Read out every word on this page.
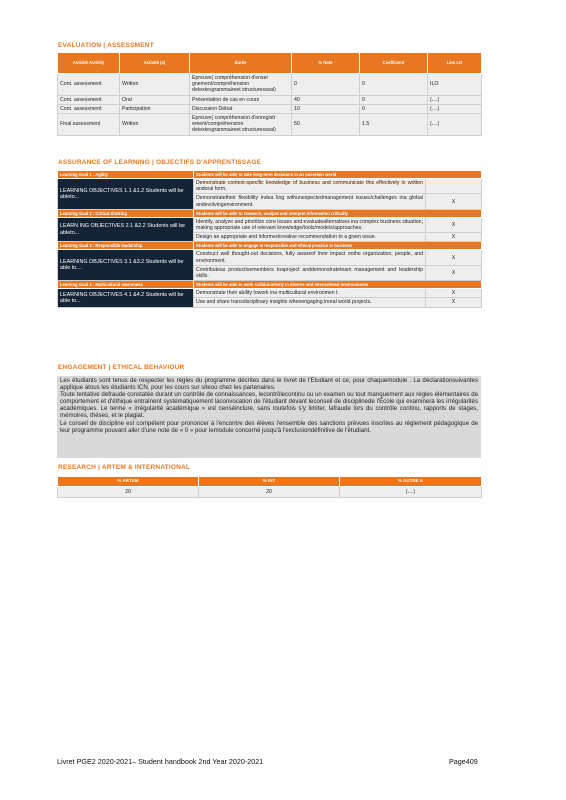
EVALUATION | ASSESSMENT
Activité Activity	Activité (s)	Durée	% Note	Coefficient	Lien LO
Cont. assessment	Written	Epreuve( compréhension d'ensei gnement/compréhension detextesgrammaireet structuresssal)	0	0	ILO
Cont. assessment	Oral	Présentation de cas en cours	40	0	(....)
Cont. assessment	Participation	Discussion Débat	10	0	(....)
Final assessment	Written	Epreuve( compréhension d'enregistr ement/compréhension detextesgrammaireet structuresssal)	50	1.5	(....)
ASSURANCE OF LEARNING | OBJECTIFS D'APPRENTISSAGE
Learning Goal 1 : Agility	Students will be able to take long-term decisions in an uncertain world	
LEARNING OBJECTIVES 1.1 &1.2 Students will be ableto...	Demonstrate context-specific knowledge of business and communicate this effectively in written andoral form.	
	Demonstratetheir flexibility indea ling withunexpectedmanagement issues/challenges ina global andevolvingenvironment.	X
Learning Goal 2 : Critical thinking	Students will be able to research, analyse and interpret information critically	
LEARN ING OBJECTIVES 2.1 &2.2 Students will be ableto...	Identify, analyze and prioritize core issues and evaluatealternatives ina complex business situation, making appropriate use of relevant knowledge/tools/models/approaches.	X
	Design an appropriate and informedcreative recommendation to a given issue.	X
Learning Goal 3 : Responsible leadership	Students will be able to engage in responsible and ethical practice in business	
LEARNING OBJECTIVES 3.1 &3.2 Students will be able to....	Construct well thought-out decisions, fully awareof their impact onthe organization, people, and environment.	X
	Contributeas productivemembers toaproject anddemonstrateteam management and leadership skills.	X
Learning Goal 4 : Multicultural awareness	Students will be able to work collaboratively in diverse and international environments	
LEARNING OBJECTIVES 4.1 &4.2 Students will be able to...	Demonstrate their ability towork ina multicultural environmen t.	X
	Use and share transdisciplinary insights whenengaging inreal world projects.	X
ENGAGEMENT | ETHICAL BEHAVIOUR

Les étudiants sont tenus de respecter les règles du programme décrites dans le livret de l'Etudiant et ce, pour chaquemodule . La déclarationsuivantes applique àtous les étudiants ICN, pour les cours sur siteou chez les partenaires.

Toute tentative defraude constatée durant un contrôle de connaissances, lecontrôlecontinu ou un examen ou tout manquement aux règles élémentaires de comportement et d'éthique entraînent systématiquement laconvocation de l'étudiant devant leconseil de disciplinede l'École qui examinera les irrégularités académiques. Le terme « irrégularité académique » est censéinclure, sans toutefois s'y limiter, lafraude lors du contrôle continu, rapports de stages, mémoires, thèses, et le plagiat.

Le conseil de discipline est compétent pour prononcer à l'encontre des élèves l'ensemble des sanctions prévues inscrites au règlement pédagogique de leur programme pouvant aller d'une note de « 0 » pour lemodule concerné jusqu'à l'exclusiondéfinitive de l'étudiant.

RESEARCH | ARTEM & INTERNATIONAL
% ARTEM	% INT	% AUTRE A
20	20	(....)
Livret PGE2 2020-2021– Student handbook 2nd Year 2020-2021	Page409
